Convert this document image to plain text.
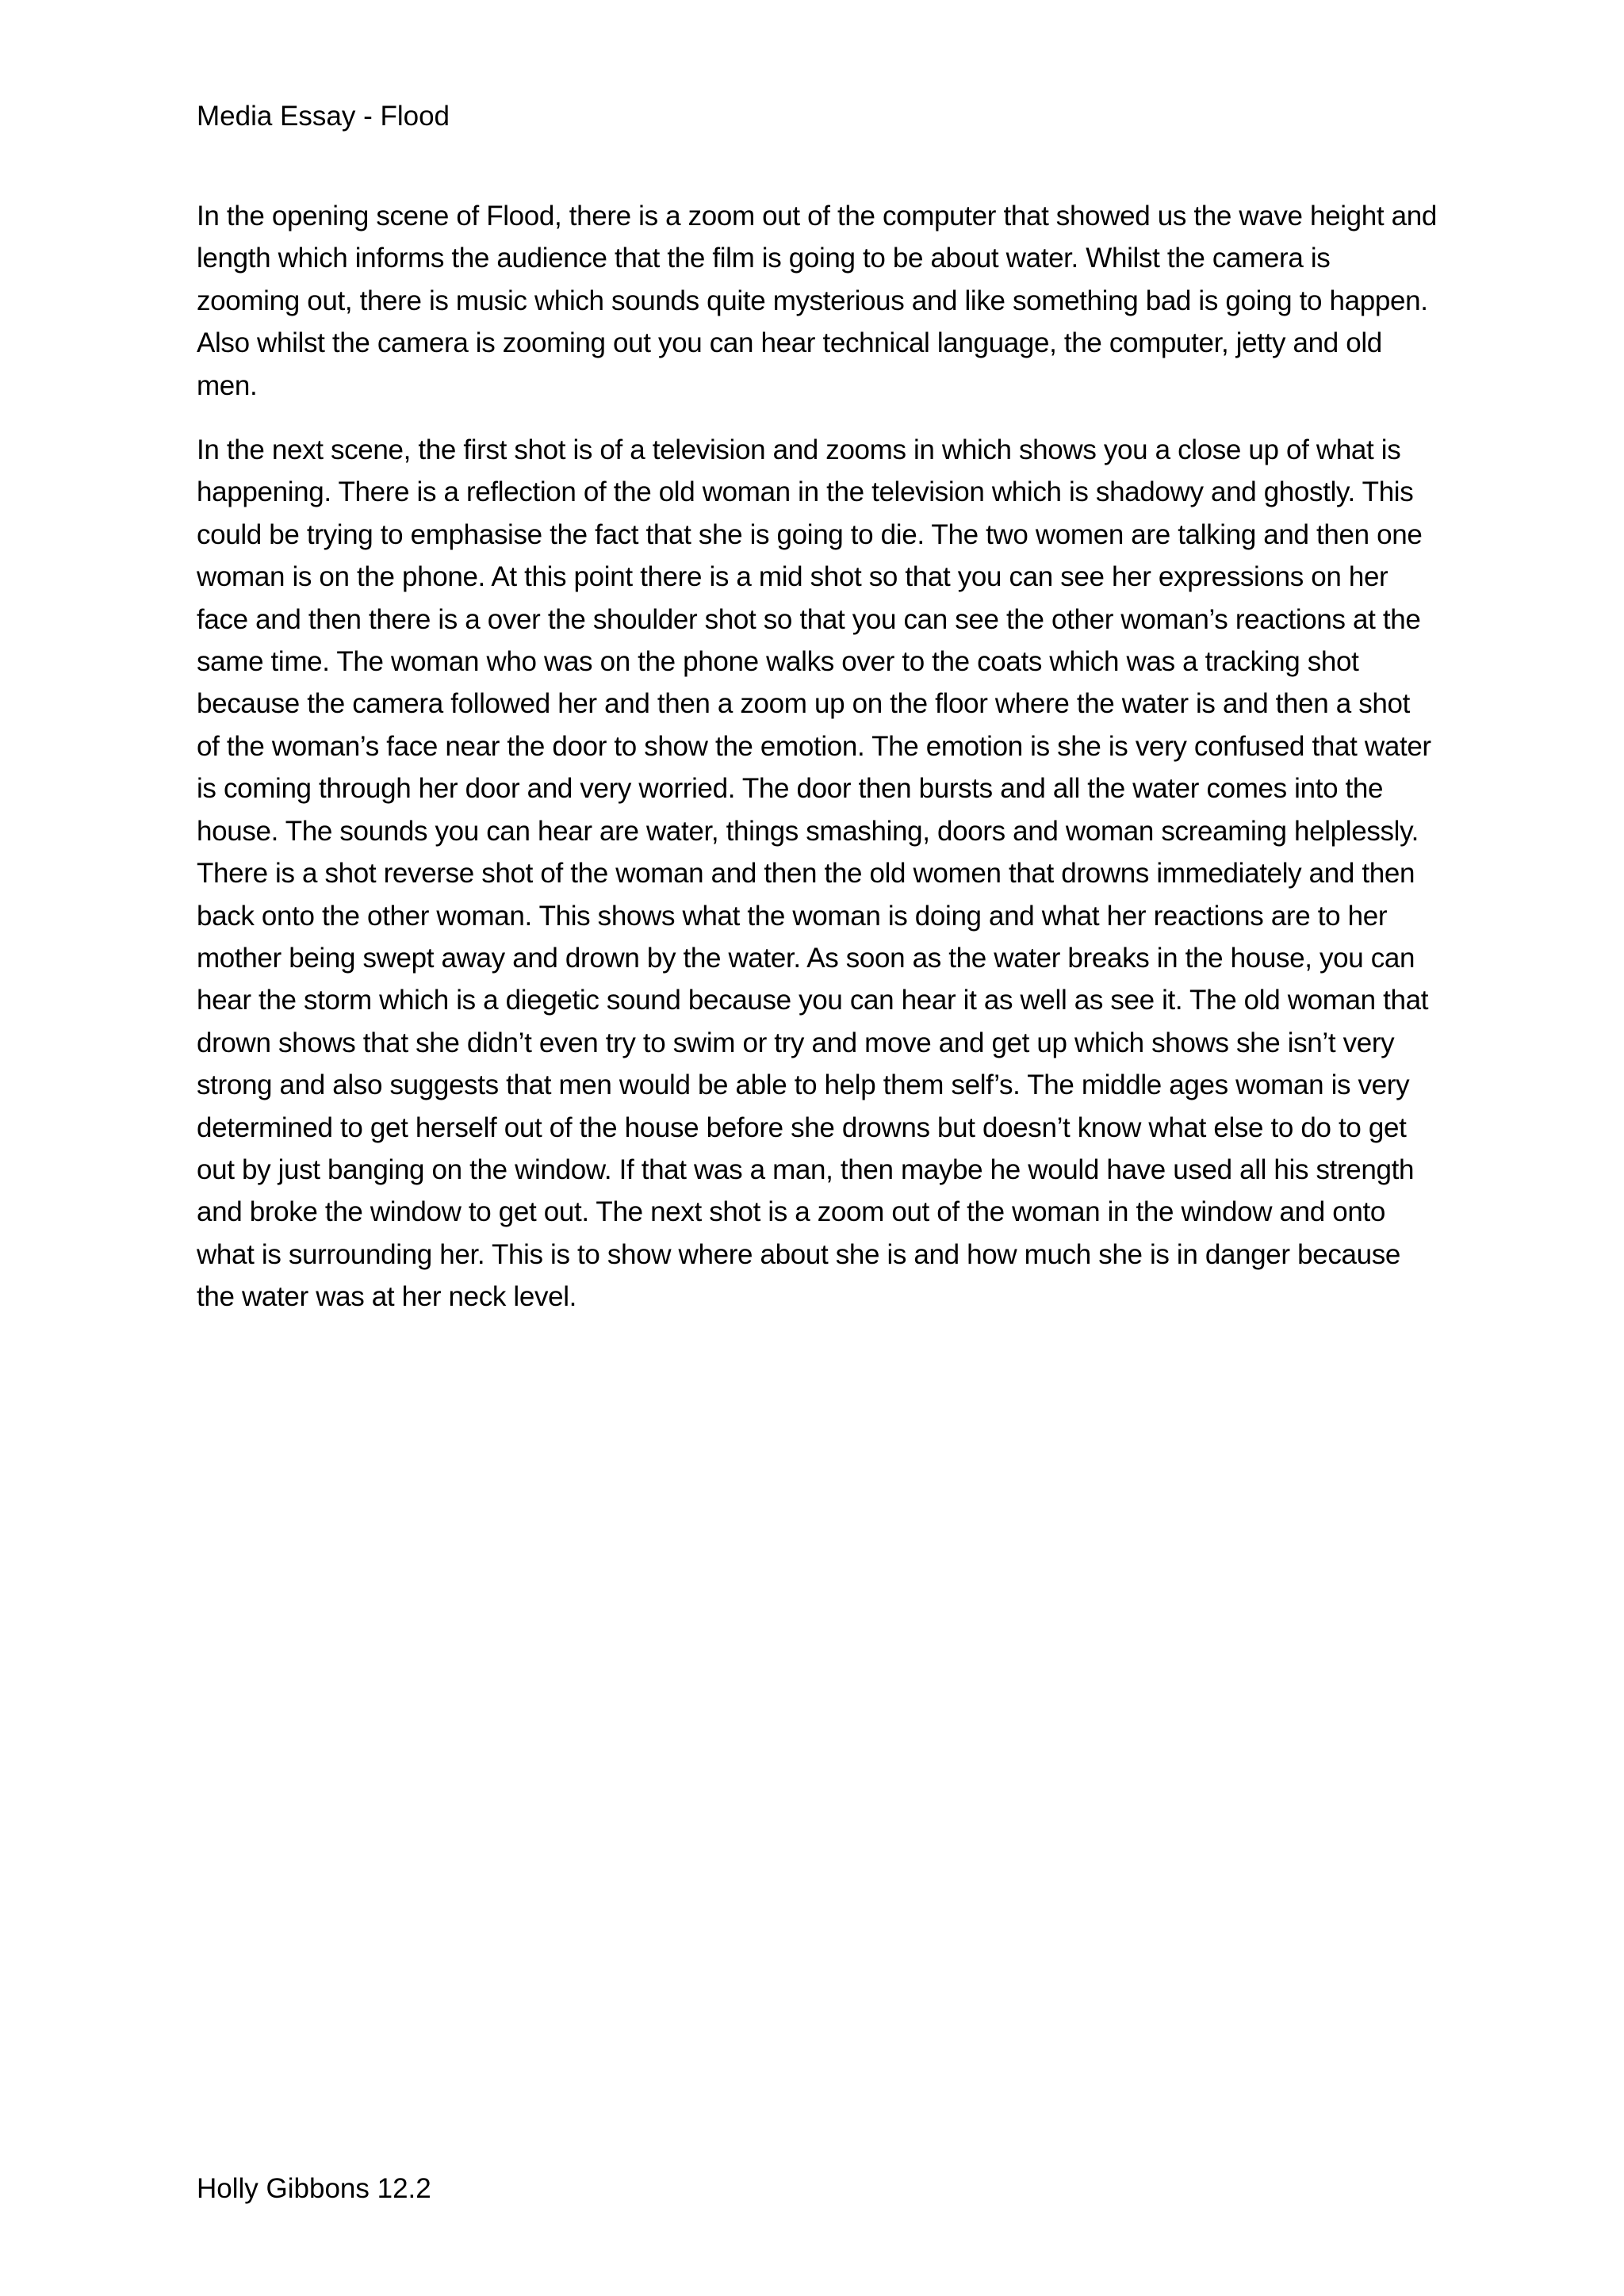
Media Essay - Flood

In the opening scene of Flood, there is a zoom out of the computer that showed us the wave height and length which informs the audience that the film is going to be about water. Whilst the camera is zooming out, there is music which sounds quite mysterious and like something bad is going to happen. Also whilst the camera is zooming out you can hear technical language, the computer, jetty and old men.

In the next scene, the first shot is of a television and zooms in which shows you a close up of what is happening. There is a reflection of the old woman in the television which is shadowy and ghostly. This could be trying to emphasise the fact that she is going to die. The two women are talking and then one woman is on the phone. At this point there is a mid shot so that you can see her expressions on her face and then there is a over the shoulder shot so that you can see the other woman’s reactions at the same time. The woman who was on the phone walks over to the coats which was a tracking shot because the camera followed her and then a zoom up on the floor where the water is and then a shot of the woman’s face near the door to show the emotion. The emotion is she is very confused that water is coming through her door and very worried. The door then bursts and all the water comes into the house. The sounds you can hear are water, things smashing, doors and woman screaming helplessly. There is a shot reverse shot of the woman and then the old women that drowns immediately and then back onto the other woman. This shows what the woman is doing and what her reactions are to her mother being swept away and drown by the water. As soon as the water breaks in the house, you can hear the storm which is a diegetic sound because you can hear it as well as see it. The old woman that drown shows that she didn’t even try to swim or try and move and get up which shows she isn’t very strong and also suggests that men would be able to help them self’s. The middle ages woman is very determined to get herself out of the house before she drowns but doesn’t know what else to do to get out by just banging on the window. If that was a man, then maybe he would have used all his strength and broke the window to get out. The next shot is a zoom out of the woman in the window and onto what is surrounding her. This is to show where about she is and how much she is in danger because the water was at her neck level.

Holly Gibbons 12.2
